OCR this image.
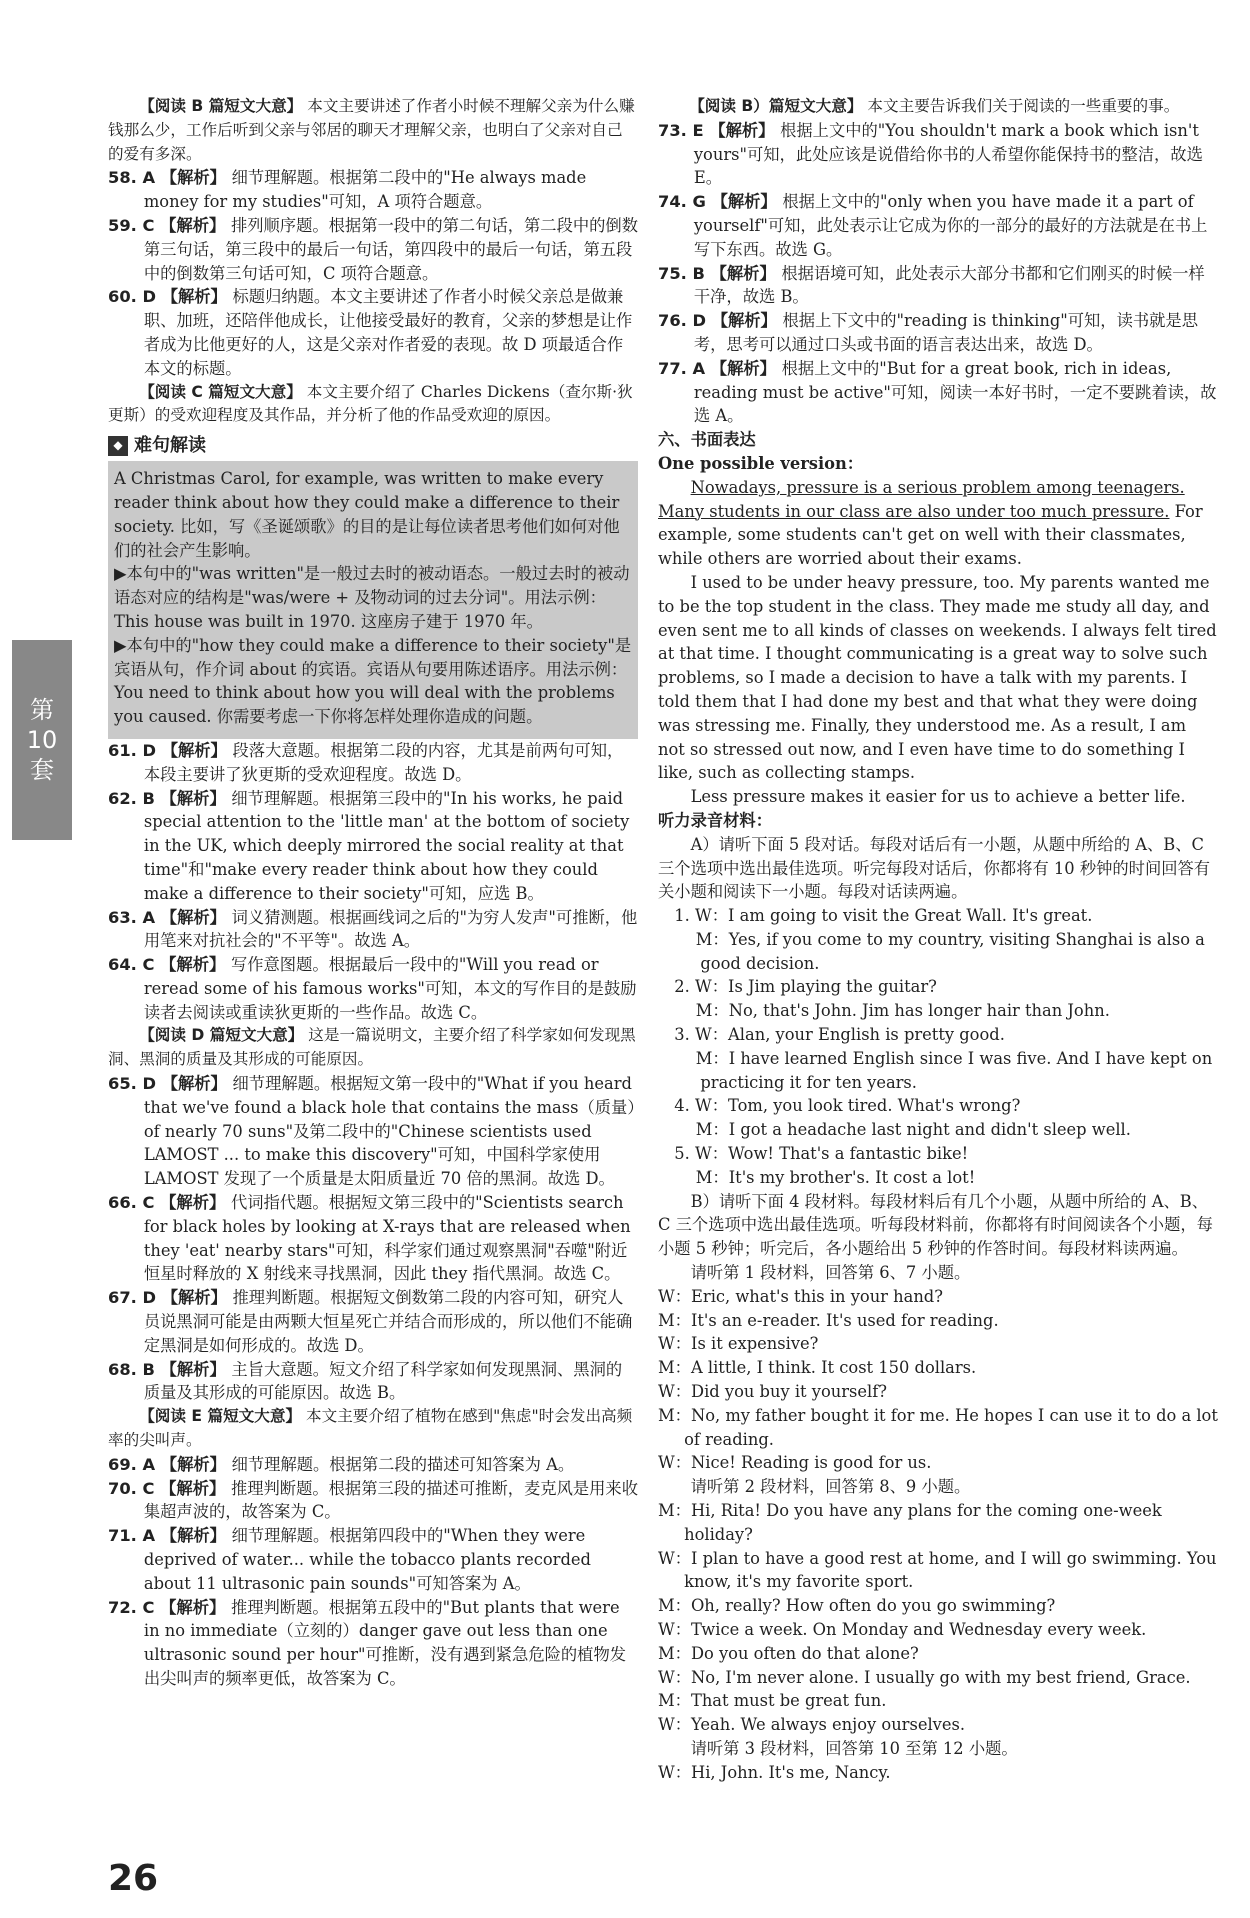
第
10
套

【阅读 B 篇短文大意】 本文主要讲述了作者小时候不理解父亲为什么赚钱那么少，工作后听到父亲与邻居的聊天才理解父亲，也明白了父亲对自己的爱有多深。

58. A 【解析】 细节理解题。根据第二段中的"He always made money for my studies"可知，A 项符合题意。

59. C 【解析】 排列顺序题。根据第一段中的第二句话，第二段中的倒数第三句话，第三段中的最后一句话，第四段中的最后一句话，第五段中的倒数第三句话可知，C 项符合题意。

60. D 【解析】 标题归纳题。本文主要讲述了作者小时候父亲总是做兼职、加班，还陪伴他成长，让他接受最好的教育，父亲的梦想是让作者成为比他更好的人，这是父亲对作者爱的表现。故 D 项最适合作本文的标题。

【阅读 C 篇短文大意】 本文主要介绍了 Charles Dickens（查尔斯·狄更斯）的受欢迎程度及其作品，并分析了他的作品受欢迎的原因。

◆ 难句解读

A Christmas Carol, for example, was written to make every reader think about how they could make a difference to their society. 比如，写《圣诞颂歌》的目的是让每位读者思考他们如何对他们的社会产生影响。

▶本句中的"was written"是一般过去时的被动语态。一般过去时的被动语态对应的结构是"was/were + 及物动词的过去分词"。用法示例：

This house was built in 1970. 这座房子建于 1970 年。

▶本句中的"how they could make a difference to their society"是宾语从句，作介词 about 的宾语。宾语从句要用陈述语序。用法示例：

You need to think about how you will deal with the problems you caused. 你需要考虑一下你将怎样处理你造成的问题。

61. D 【解析】 段落大意题。根据第二段的内容，尤其是前两句可知，本段主要讲了狄更斯的受欢迎程度。故选 D。

62. B 【解析】 细节理解题。根据第三段中的"In his works, he paid special attention to the 'little man' at the bottom of society in the UK, which deeply mirrored the social reality at that time"和"make every reader think about how they could make a difference to their society"可知，应选 B。

63. A 【解析】 词义猜测题。根据画线词之后的"为穷人发声"可推断，他用笔来对抗社会的"不平等"。故选 A。

64. C 【解析】 写作意图题。根据最后一段中的"Will you read or reread some of his famous works"可知，本文的写作目的是鼓励读者去阅读或重读狄更斯的一些作品。故选 C。

【阅读 D 篇短文大意】 这是一篇说明文，主要介绍了科学家如何发现黑洞、黑洞的质量及其形成的可能原因。

65. D 【解析】 细节理解题。根据短文第一段中的"What if you heard that we've found a black hole that contains the mass（质量）of nearly 70 suns"及第二段中的"Chinese scientists used LAMOST ... to make this discovery"可知，中国科学家使用 LAMOST 发现了一个质量是太阳质量近 70 倍的黑洞。故选 D。

66. C 【解析】 代词指代题。根据短文第三段中的"Scientists search for black holes by looking at X-rays that are released when they 'eat' nearby stars"可知，科学家们通过观察黑洞"吞噬"附近恒星时释放的 X 射线来寻找黑洞，因此 they 指代黑洞。故选 C。

67. D 【解析】 推理判断题。根据短文倒数第二段的内容可知，研究人员说黑洞可能是由两颗大恒星死亡并结合而形成的，所以他们不能确定黑洞是如何形成的。故选 D。

68. B 【解析】 主旨大意题。短文介绍了科学家如何发现黑洞、黑洞的质量及其形成的可能原因。故选 B。

【阅读 E 篇短文大意】 本文主要介绍了植物在感到"焦虑"时会发出高频率的尖叫声。

69. A 【解析】 细节理解题。根据第二段的描述可知答案为 A。

70. C 【解析】 推理判断题。根据第三段的描述可推断，麦克风是用来收集超声波的，故答案为 C。

71. A 【解析】 细节理解题。根据第四段中的"When they were deprived of water... while the tobacco plants recorded about 11 ultrasonic pain sounds"可知答案为 A。

72. C 【解析】 推理判断题。根据第五段中的"But plants that were in no immediate（立刻的）danger gave out less than one ultrasonic sound per hour"可推断，没有遇到紧急危险的植物发出尖叫声的频率更低，故答案为 C。

【阅读 B）篇短文大意】 本文主要告诉我们关于阅读的一些重要的事。

73. E 【解析】 根据上文中的"You shouldn't mark a book which isn't yours"可知，此处应该是说借给你书的人希望你能保持书的整洁，故选 E。

74. G 【解析】 根据上文中的"only when you have made it a part of yourself"可知，此处表示让它成为你的一部分的最好的方法就是在书上写下东西。故选 G。

75. B 【解析】 根据语境可知，此处表示大部分书都和它们刚买的时候一样干净，故选 B。

76. D 【解析】 根据上下文中的"reading is thinking"可知，读书就是思考，思考可以通过口头或书面的语言表达出来，故选 D。

77. A 【解析】 根据上文中的"But for a great book, rich in ideas, reading must be active"可知，阅读一本好书时，一定不要跳着读，故选 A。

六、书面表达

One possible version：

Nowadays, pressure is a serious problem among teenagers. Many students in our class are also under too much pressure. For example, some students can't get on well with their classmates, while others are worried about their exams.

I used to be under heavy pressure, too. My parents wanted me to be the top student in the class. They made me study all day, and even sent me to all kinds of classes on weekends. I always felt tired at that time. I thought communicating is a great way to solve such problems, so I made a decision to have a talk with my parents. I told them that I had done my best and that what they were doing was stressing me. Finally, they understood me. As a result, I am not so stressed out now, and I even have time to do something I like, such as collecting stamps.

Less pressure makes it easier for us to achieve a better life.

听力录音材料：

A）请听下面 5 段对话。每段对话后有一小题，从题中所给的 A、B、C 三个选项中选出最佳选项。听完每段对话后，你都将有 10 秒钟的时间回答有关小题和阅读下一小题。每段对话读两遍。

1. W：I am going to visit the Great Wall. It's great.

  M：Yes, if you come to my country, visiting Shanghai is also a good decision.

2. W：Is Jim playing the guitar?

  M：No, that's John. Jim has longer hair than John.

3. W：Alan, your English is pretty good.

  M：I have learned English since I was five. And I have kept on practicing it for ten years.

4. W：Tom, you look tired. What's wrong?

  M：I got a headache last night and didn't sleep well.

5. W：Wow! That's a fantastic bike!

  M：It's my brother's. It cost a lot!

B）请听下面 4 段材料。每段材料后有几个小题，从题中所给的 A、B、C 三个选项中选出最佳选项。听每段材料前，你都将有时间阅读各个小题，每小题 5 秒钟；听完后，各小题给出 5 秒钟的作答时间。每段材料读两遍。

请听第 1 段材料，回答第 6、7 小题。

W：Eric, what's this in your hand?

M：It's an e-reader. It's used for reading.

W：Is it expensive?

M：A little, I think. It cost 150 dollars.

W：Did you buy it yourself?

M：No, my father bought it for me. He hopes I can use it to do a lot of reading.

W：Nice! Reading is good for us.

请听第 2 段材料，回答第 8、9 小题。

M：Hi, Rita! Do you have any plans for the coming one-week holiday?

W：I plan to have a good rest at home, and I will go swimming. You know, it's my favorite sport.

M：Oh, really? How often do you go swimming?

W：Twice a week. On Monday and Wednesday every week.

M：Do you often do that alone?

W：No, I'm never alone. I usually go with my best friend, Grace.

M：That must be great fun.

W：Yeah. We always enjoy ourselves.

请听第 3 段材料，回答第 10 至第 12 小题。

W：Hi, John. It's me, Nancy.

26
